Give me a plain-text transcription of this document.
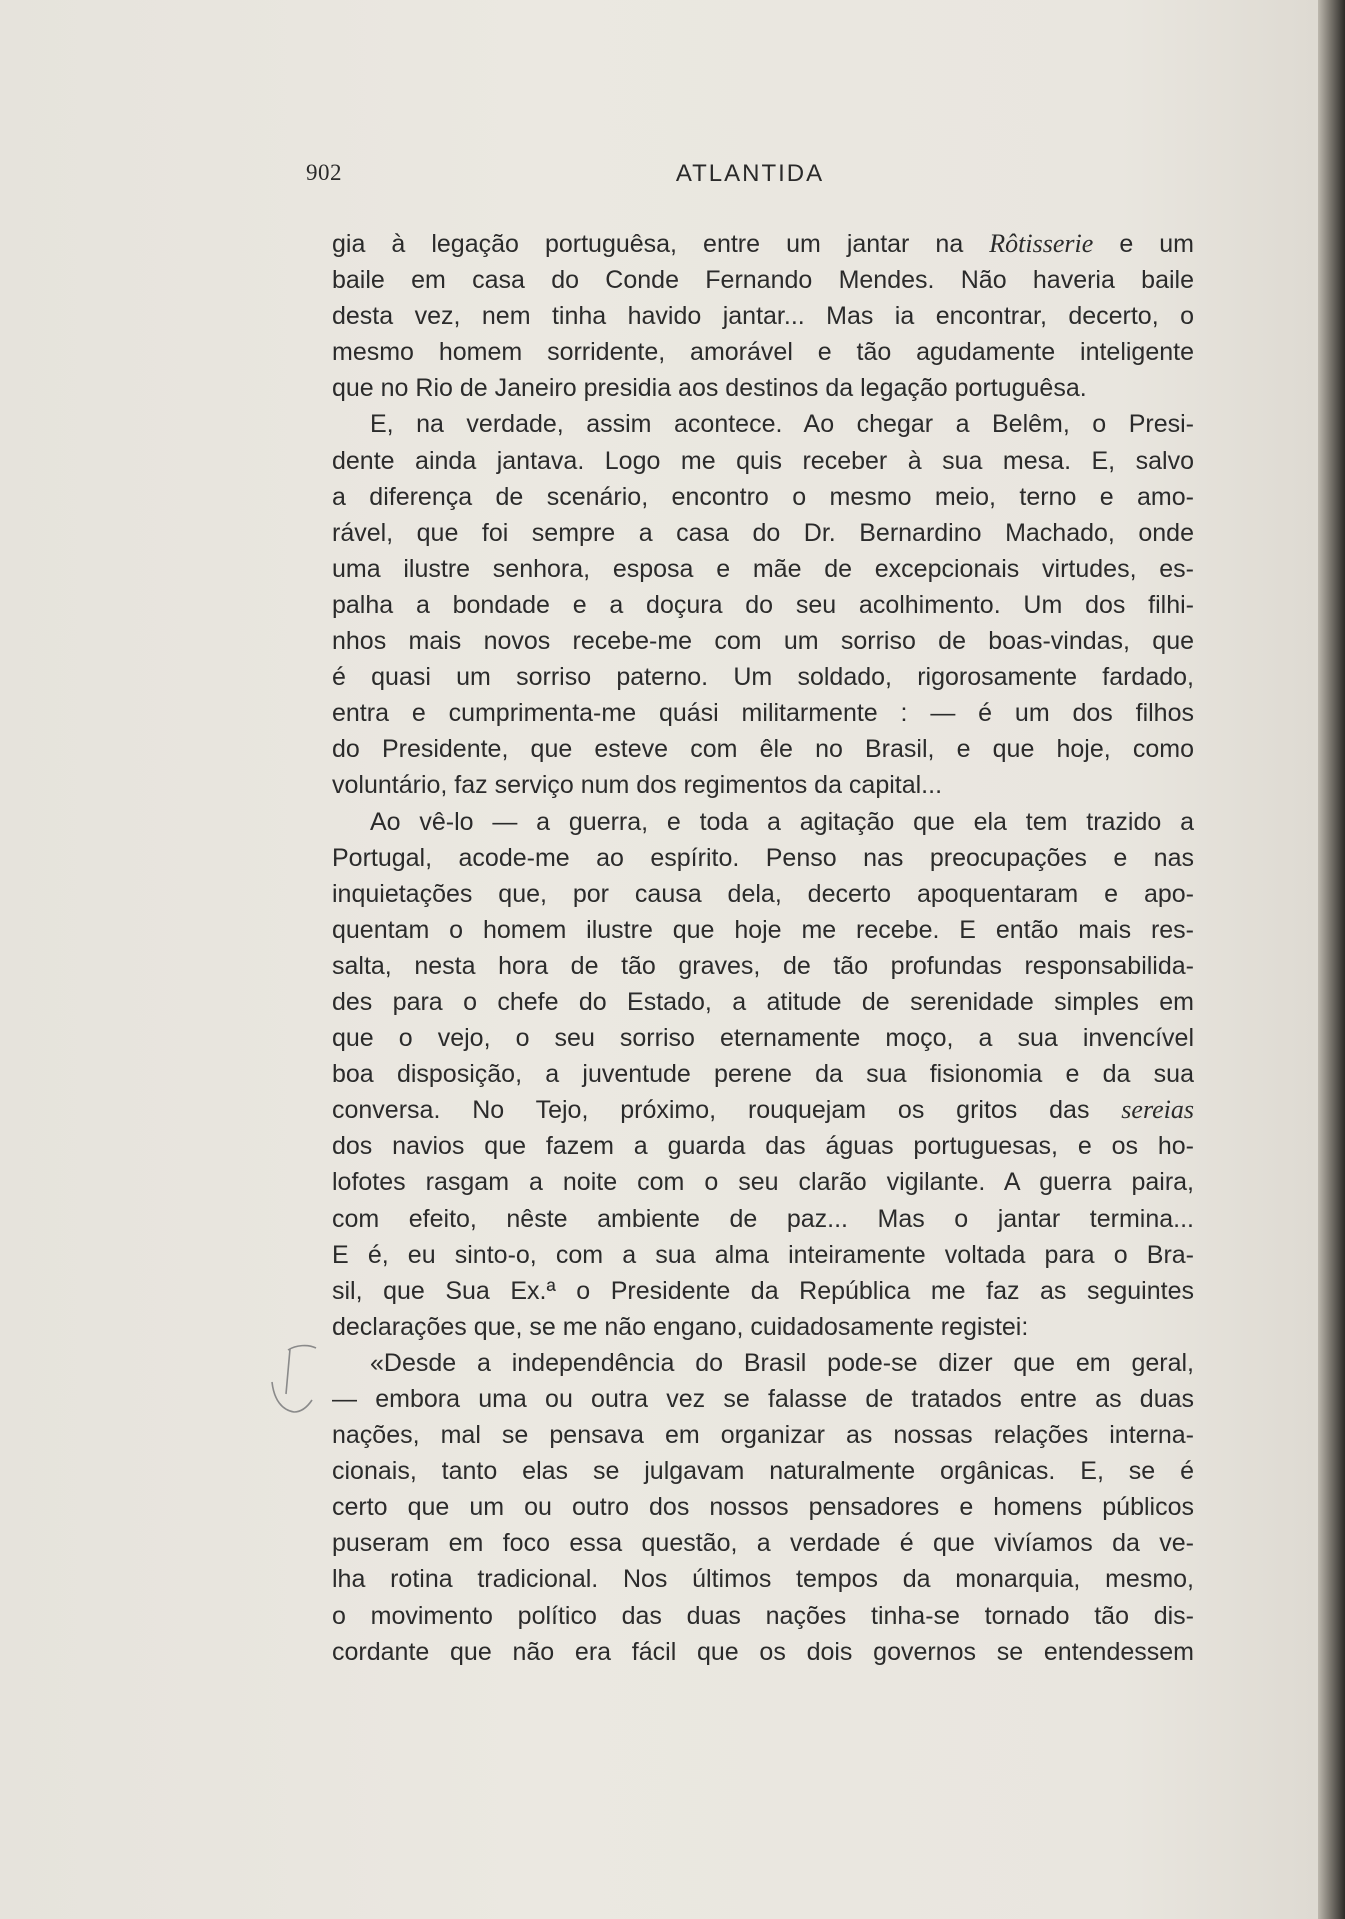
902	ATLANTIDA
gia à legação portuguêsa, entre um jantar na Rôtisserie e um
baile em casa do Conde Fernando Mendes. Não haveria baile
desta vez, nem tinha havido jantar... Mas ia encontrar, decerto, o
mesmo homem sorridente, amorável e tão agudamente inteligente
que no Rio de Janeiro presidia aos destinos da legação portuguêsa.
E, na verdade, assim acontece. Ao chegar a Belêm, o Presi-
dente ainda jantava. Logo me quis receber à sua mesa. E, salvo
a diferença de scenário, encontro o mesmo meio, terno e amo-
rável, que foi sempre a casa do Dr. Bernardino Machado, onde
uma ilustre senhora, esposa e mãe de excepcionais virtudes, es-
palha a bondade e a doçura do seu acolhimento. Um dos filhi-
nhos mais novos recebe-me com um sorriso de boas-vindas, que
é quasi um sorriso paterno. Um soldado, rigorosamente fardado,
entra e cumprimenta-me quási militarmente : — é um dos filhos
do Presidente, que esteve com êle no Brasil, e que hoje, como
voluntário, faz serviço num dos regimentos da capital...
Ao vê-lo — a guerra, e toda a agitação que ela tem trazido a
Portugal, acode-me ao espírito. Penso nas preocupações e nas
inquietações que, por causa dela, decerto apoquentaram e apo-
quentam o homem ilustre que hoje me recebe. E então mais res-
salta, nesta hora de tão graves, de tão profundas responsabilida-
des para o chefe do Estado, a atitude de serenidade simples em
que o vejo, o seu sorriso eternamente moço, a sua invencível
boa disposição, a juventude perene da sua fisionomia e da sua
conversa. No Tejo, próximo, rouquejam os gritos das sereias
dos navios que fazem a guarda das águas portuguesas, e os ho-
lofotes rasgam a noite com o seu clarão vigilante. A guerra paira,
com efeito, nêste ambiente de paz... Mas o jantar termina...
E é, eu sinto-o, com a sua alma inteiramente voltada para o Bra-
sil, que Sua Ex.ª o Presidente da República me faz as seguintes
declarações que, se me não engano, cuidadosamente registei:
«Desde a independência do Brasil pode-se dizer que em geral,
— embora uma ou outra vez se falasse de tratados entre as duas
nações, mal se pensava em organizar as nossas relações interna-
cionais, tanto elas se julgavam naturalmente orgânicas. E, se é
certo que um ou outro dos nossos pensadores e homens públicos
puseram em foco essa questão, a verdade é que vivíamos da ve-
lha rotina tradicional. Nos últimos tempos da monarquia, mesmo,
o movimento político das duas nações tinha-se tornado tão dis-
cordante que não era fácil que os dois governos se entendessem
